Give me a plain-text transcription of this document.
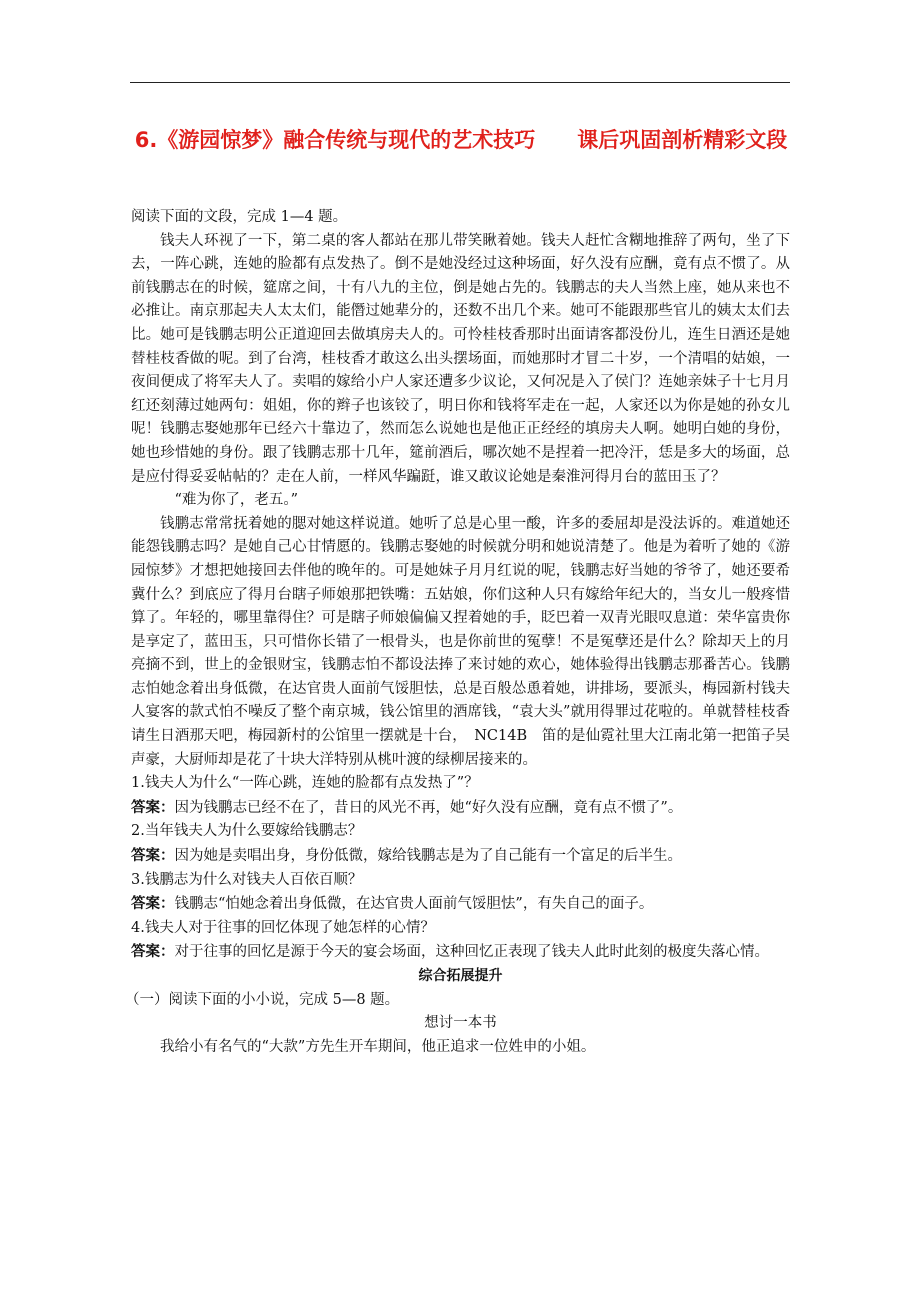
6.《游园惊梦》融合传统与现代的艺术技巧　　课后巩固剖析精彩文段

阅读下面的文段，完成 1—4 题。

钱夫人环视了一下，第二桌的客人都站在那儿带笑瞅着她。钱夫人赶忙含糊地推辞了两句，坐了下去，一阵心跳，连她的脸都有点发热了。倒不是她没经过这种场面，好久没有应酬，竟有点不惯了。从前钱鹏志在的时候，筵席之间，十有八九的主位，倒是她占先的。钱鹏志的夫人当然上座，她从来也不必推让。南京那起夫人太太们，能僭过她辈分的，还数不出几个来。她可不能跟那些官儿的姨太太们去比。她可是钱鹏志明公正道迎回去做填房夫人的。可怜桂枝香那时出面请客都没份儿，连生日酒还是她替桂枝香做的呢。到了台湾，桂枝香才敢这么出头摆场面，而她那时才冒二十岁，一个清唱的姑娘，一夜间便成了将军夫人了。卖唱的嫁给小户人家还遭多少议论，又何况是入了侯门？连她亲妹子十七月月红还刻薄过她两句：姐姐，你的辫子也该铰了，明日你和钱将军走在一起，人家还以为你是她的孙女儿呢！钱鹏志娶她那年已经六十靠边了，然而怎么说她也是他正正经经的填房夫人啊。她明白她的身份，她也珍惜她的身份。跟了钱鹏志那十几年，筵前酒后，哪次她不是捏着一把冷汗，恁是多大的场面，总是应付得妥妥帖帖的？走在人前，一样风华蹁跹，谁又敢议论她是秦淮河得月台的蓝田玉了？

“难为你了，老五。”

钱鹏志常常抚着她的腮对她这样说道。她听了总是心里一酸，许多的委屈却是没法诉的。难道她还能怨钱鹏志吗？是她自己心甘情愿的。钱鹏志娶她的时候就分明和她说清楚了。他是为着听了她的《游园惊梦》才想把她接回去伴他的晚年的。可是她妹子月月红说的呢，钱鹏志好当她的爷爷了，她还要希冀什么？到底应了得月台瞎子师娘那把铁嘴：五姑娘，你们这种人只有嫁给年纪大的，当女儿一般疼惜算了。年轻的，哪里靠得住？可是瞎子师娘偏偏又捏着她的手，眨巴着一双青光眼叹息道：荣华富贵你是享定了，蓝田玉，只可惜你长错了一根骨头，也是你前世的冤孽！不是冤孽还是什么？除却天上的月亮摘不到，世上的金银财宝，钱鹏志怕不都设法捧了来讨她的欢心，她体验得出钱鹏志那番苦心。钱鹏志怕她念着出身低微，在达官贵人面前气馁胆怯，总是百般怂恿着她，讲排场，要派头，梅园新村钱夫人宴客的款式怕不噪反了整个南京城，钱公馆里的酒席钱，“袁大头”就用得罪过花啦的。单就替桂枝香请生日酒那天吧，梅园新村的公馆里一摆就是十台，　NC14B　笛的是仙霓社里大江南北第一把笛子吴声豪，大厨师却是花了十块大洋特别从桃叶渡的绿柳居接来的。

1.钱夫人为什么“一阵心跳，连她的脸都有点发热了”？

答案：因为钱鹏志已经不在了，昔日的风光不再，她“好久没有应酬，竟有点不惯了”。

2.当年钱夫人为什么要嫁给钱鹏志？

答案：因为她是卖唱出身，身份低微，嫁给钱鹏志是为了自己能有一个富足的后半生。

3.钱鹏志为什么对钱夫人百依百顺？

答案：钱鹏志“怕她念着出身低微，在达官贵人面前气馁胆怯”，有失自己的面子。

4.钱夫人对于往事的回忆体现了她怎样的心情？

答案：对于往事的回忆是源于今天的宴会场面，这种回忆正表现了钱夫人此时此刻的极度失落心情。

综合拓展提升

（一）阅读下面的小小说，完成 5—8 题。

想讨一本书

我给小有名气的“大款”方先生开车期间，他正追求一位姓申的小姐。
